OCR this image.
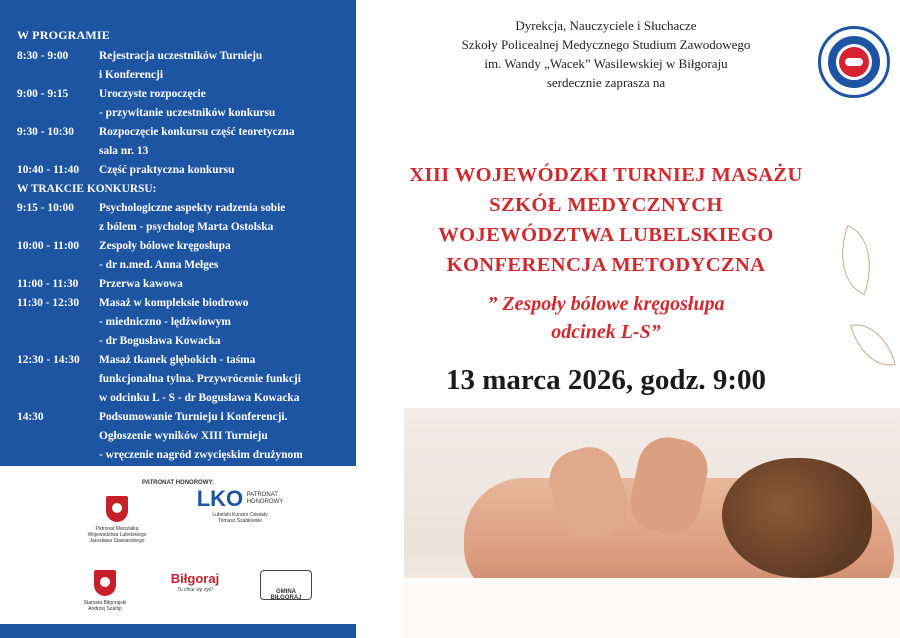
W PROGRAMIE
8:30 - 9:00	Rejestracja uczestników Turnieju
i Konferencji
9:00 - 9:15	Uroczyste rozpoczęcie
- przywitanie uczestników konkursu
9:30 - 10:30	Rozpoczęcie konkursu część teoretyczna
sala nr. 13
10:40 - 11:40	Część praktyczna konkursu
W TRAKCIE KONKURSU:
9:15 - 10:00	Psychologiczne aspekty radzenia sobie
z bólem - psycholog Marta Ostolska
10:00 - 11:00	Zespoły bólowe kręgosłupa
- dr n.med. Anna Mełges
11:00 - 11:30	Przerwa kawowa
11:30 - 12:30	Masaż w kompleksie biodrowo
- miedniczno - lędźwiowym
- dr Bogusława Kowacka
12:30 - 14:30	Masaż tkanek głębokich - taśma
funkcjonalna tylna. Przywrócenie funkcji
w odcinku L - S - dr Bogusława Kowacka
14:30	Podsumowanie Turnieju i Konferencji.
Ogłoszenie wyników XIII Turnieju
- wręczenie nagród zwycięskim drużynom
PATRONAT HONOROWY:
Patronat Marszałka
Województwa Lubelskiego
Jarosława Stawiarskiego
LKO PATRONAT
HONOROWY
Lubelski Kurator Oświaty
Tomasz Szabłowski
Starosta Biłgorajski
Andrzej Szarlip
Biłgoraj
Tu chce się żyć!	GMINA BIŁGORAJ
Dyrekcja, Nauczyciele i Słuchacze
Szkoły Policealnej Medycznego Studium Zawodowego
im. Wandy „Wacek” Wasilewskiej w Biłgoraju
serdecznie zaprasza na
XIII WOJEWÓDZKI TURNIEJ MASAŻU
SZKÓŁ MEDYCZNYCH
WOJEWÓDZTWA LUBELSKIEGO
KONFERENCJA METODYCZNA
” Zespoły bólowe kręgosłupa
odcinek L-S”
13 marca 2026, godz. 9:00
